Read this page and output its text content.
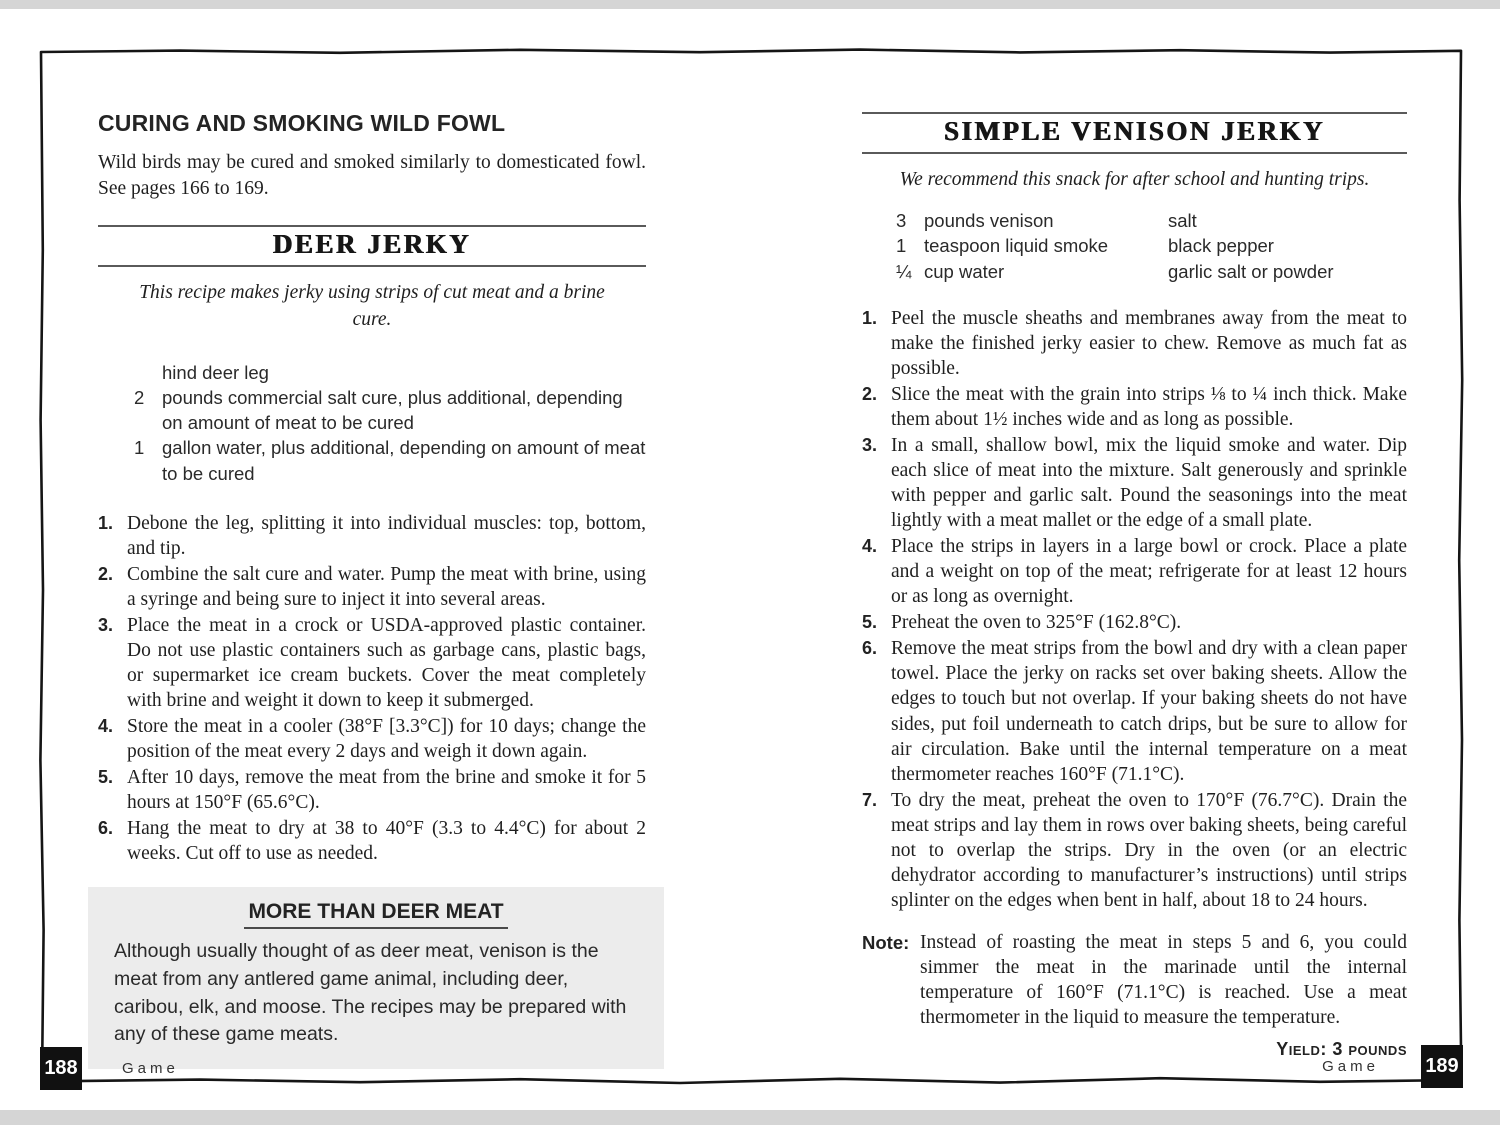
CURING AND SMOKING WILD FOWL

Wild birds may be cured and smoked similarly to domesticated fowl. See pages 166 to 169.

DEER JERKY

This recipe makes jerky using strips of cut meat and a brine cure.

hind deer leg
2 pounds commercial salt cure, plus additional, depending on amount of meat to be cured
1 gallon water, plus additional, depending on amount of meat to be cured
1. Debone the leg, splitting it into individual muscles: top, bottom, and tip.
2. Combine the salt cure and water. Pump the meat with brine, using a syringe and being sure to inject it into several areas.
3. Place the meat in a crock or USDA-approved plastic container. Do not use plastic containers such as garbage cans, plastic bags, or supermarket ice cream buckets. Cover the meat completely with brine and weight it down to keep it submerged.
4. Store the meat in a cooler (38°F [3.3°C]) for 10 days; change the position of the meat every 2 days and weigh it down again.
5. After 10 days, remove the meat from the brine and smoke it for 5 hours at 150°F (65.6°C).
6. Hang the meat to dry at 38 to 40°F (3.3 to 4.4°C) for about 2 weeks. Cut off to use as needed.
MORE THAN DEER MEAT
Although usually thought of as deer meat, venison is the meat from any antlered game animal, including deer, caribou, elk, and moose. The recipes may be prepared with any of these game meats.
SIMPLE VENISON JERKY

We recommend this snack for after school and hunting trips.

3 pounds venison
1 teaspoon liquid smoke
¼ cup water
salt
black pepper
garlic salt or powder
1. Peel the muscle sheaths and membranes away from the meat to make the finished jerky easier to chew. Remove as much fat as possible.
2. Slice the meat with the grain into strips ⅛ to ¼ inch thick. Make them about 1½ inches wide and as long as possible.
3. In a small, shallow bowl, mix the liquid smoke and water. Dip each slice of meat into the mixture. Salt generously and sprinkle with pepper and garlic salt. Pound the seasonings into the meat lightly with a meat mallet or the edge of a small plate.
4. Place the strips in layers in a large bowl or crock. Place a plate and a weight on top of the meat; refrigerate for at least 12 hours or as long as overnight.
5. Preheat the oven to 325°F (162.8°C).
6. Remove the meat strips from the bowl and dry with a clean paper towel. Place the jerky on racks set over baking sheets. Allow the edges to touch but not overlap. If your baking sheets do not have sides, put foil underneath to catch drips, but be sure to allow for air circulation. Bake until the internal temperature on a meat thermometer reaches 160°F (71.1°C).
7. To dry the meat, preheat the oven to 170°F (76.7°C). Drain the meat strips and lay them in rows over baking sheets, being careful not to overlap the strips. Dry in the oven (or an electric dehydrator according to manufacturer’s instructions) until strips splinter on the edges when bent in half, about 18 to 24 hours.
Note: Instead of roasting the meat in steps 5 and 6, you could simmer the meat in the marinade until the internal temperature of 160°F (71.1°C) is reached. Use a meat thermometer in the liquid to measure the temperature.
Yield: 3 pounds
188	Game	Game 189
